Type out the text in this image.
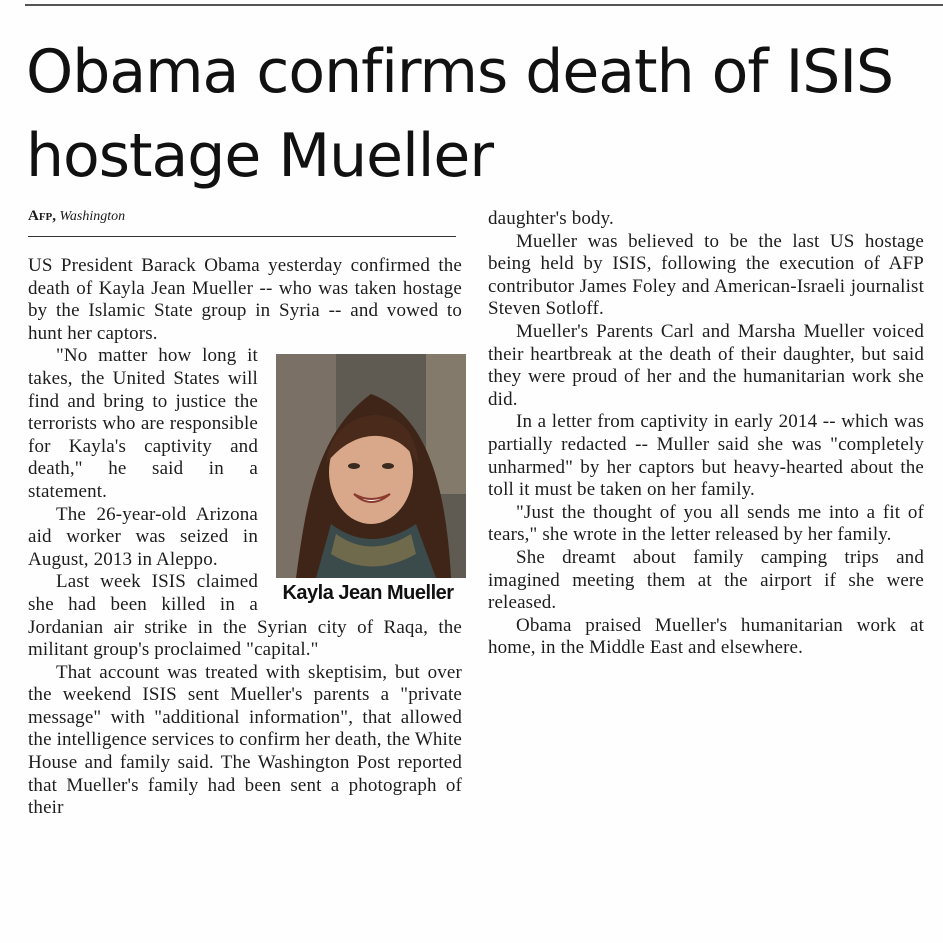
Obama confirms death of ISIS hostage Mueller
Afp, Washington

US President Barack Obama yesterday confirmed the death of Kayla Jean Mueller -- who was taken hostage by the Islamic State group in Syria -- and vowed to hunt her captors.

Kayla Jean Mueller

"No matter how long it takes, the United States will find and bring to justice the terrorists who are responsible for Kayla's captivity and death," he said in a statement.

The 26-year-old Arizona aid worker was seized in August, 2013 in Aleppo.

Last week ISIS claimed she had been killed in a Jordanian air strike in the Syrian city of Raqa, the militant group's proclaimed "capital."

That account was treated with skeptisim, but over the weekend ISIS sent Mueller's parents a "private message" with "additional information", that allowed the intelligence services to confirm her death, the White House and family said. The Washington Post reported that Mueller's family had been sent a photograph of their

daughter's body.

Mueller was believed to be the last US hostage being held by ISIS, following the execution of AFP contributor James Foley and American-Israeli journalist Steven Sotloff.

Mueller's Parents Carl and Marsha Mueller voiced their heartbreak at the death of their daughter, but said they were proud of her and the humanitarian work she did.

In a letter from captivity in early 2014 -- which was partially redacted -- Muller said she was "completely unharmed" by her captors but heavy-hearted about the toll it must be taken on her family.

"Just the thought of you all sends me into a fit of tears," she wrote in the letter released by her family.

She dreamt about family camping trips and imagined meeting them at the airport if she were released.

Obama praised Mueller's humanitarian work at home, in the Middle East and elsewhere.
